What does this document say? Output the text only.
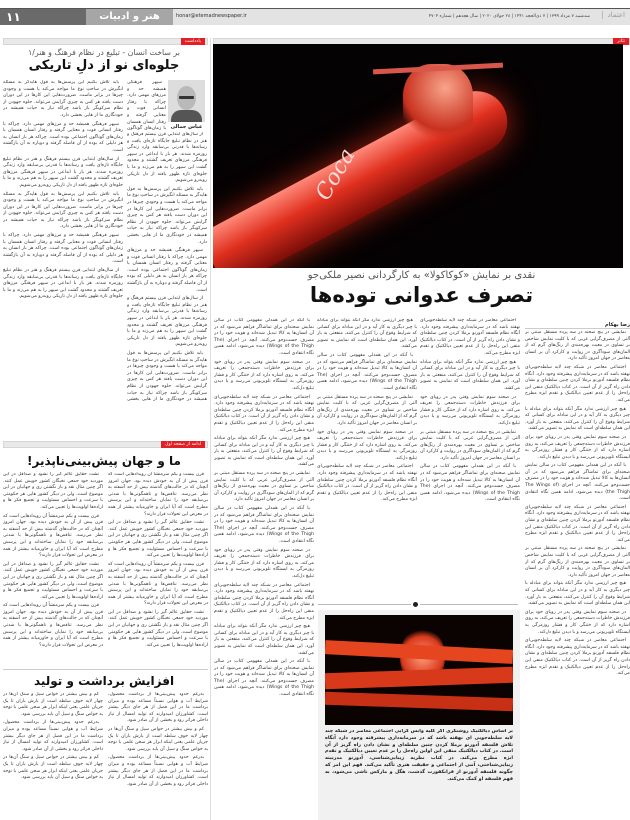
۱۱	هنر و ادبیات	honar@etemadnewspaper.ir	سه‌شنبه ۷ مرداد ۱۳۹۹ | ۷ ذی‌الحجه ۱۴۴۱ | ۲۸ جولای ۲۰۲۰ | سال هجدهم | شماره ۴۷۰۴	اعتماد
یادداشت	تئاتر
بر ساخت انسان - تبلیغ در نظام فرهنگ و هنر/۱
جلوه‌ای نو از دلِ تاریکی
عباس جمالی

سپهر فرهنگی همیشه حد و مرزهای مهمی دارد. چراکه با رفتار انسانی قوت و معنایی گرفته و رفتار انسان همسان با زمان‌های گوناگون

از سال‌های ابتدایی قرن بیستم فرهنگ و هنر در نظام تبلیغ جایگاه تازه‌ای یافت و رسانه‌ها با قدرتی بی‌سابقه وارد زندگی روزمره شدند. هر بار با ابداعی در سپهر فرهنگی مرزهای تعریف گشتند و محدود گشت این سپهر را به هم می‌زند و ما با جلوه‌ای تازه ظهور یافته از دل تاریکی روبه‌رو می‌شویم.

باید تلاش بکنیم این پرسش‌ها به قول هایدگر به مسئله انگیزش در ساحتِ نوع ما مواجه می‌کند یا هست و وجودی چیزها در برابر ماست. ضرورت‌هایی این کارها در این دوران دست یافته هر کس به چیزی گرایش می‌تواند. جلوه جهودن از نظام سرکوبگر باز باشد چراکه نیاز به حیات همیشه در خودنگاری ما از هایی بخشی دارد.

سپهر فرهنگی همیشه حد و مرزهای مهمی دارد. چراکه با رفتار انسانی قوت و معنایی گرفته و رفتار انسان همسان با زمان‌های گوناگون اجتماعی بوده است. چراکه هر بار انسان به هر دلیلی که بوده از آن فاصله گرفته و دوباره به آن بازگشته است.

از سال‌های ابتدایی قرن بیستم فرهنگ و هنر در نظام تبلیغ جایگاه تازه‌ای یافت و رسانه‌ها با قدرتی بی‌سابقه وارد زندگی روزمره شدند. هر بار با ابداعی در سپهر فرهنگی مرزهای تعریف گشتند و محدود گشت این سپهر را به هم می‌زند و ما با جلوه‌ای تازه ظهور یافته از دل تاریکی روبه‌رو می‌شویم.

باید تلاش بکنیم این پرسش‌ها به قول هایدگر به مسئله انگیزش در ساحتِ نوع ما مواجه می‌کند یا هست و وجودی چیزها در برابر ماست. ضرورت‌هایی این کارها در این دوران دست یافته هر کس به چیزی گرایش می‌تواند. جلوه جهودن از نظام سرکوبگر باز باشد چراکه نیاز به حیات همیشه در خودنگاری ما از هایی بخشی

باید تلاش بکنیم این پرسش‌ها به قول هایدگر به مسئله انگیزش در ساحتِ نوع ما مواجه می‌کند یا هست و وجودی چیزها در برابر ماست. ضرورت‌هایی این کارها در این دوران دست یافته هر کس به چیزی گرایش می‌تواند. جلوه جهودن از نظام سرکوبگر باز باشد چراکه نیاز به حیات همیشه در خودنگاری ما از هایی بخشی دارد.

سپهر فرهنگی همیشه حد و مرزهای مهمی دارد. چراکه با رفتار انسانی قوت و معنایی گرفته و رفتار انسان همسان با زمان‌های گوناگون اجتماعی بوده است. چراکه هر بار انسان به هر دلیلی که بوده از آن فاصله گرفته و دوباره به آن بازگشته است.

از سال‌های ابتدایی قرن بیستم فرهنگ و هنر در نظام تبلیغ جایگاه تازه‌ای یافت و رسانه‌ها با قدرتی بی‌سابقه وارد زندگی روزمره شدند. هر بار با ابداعی در سپهر فرهنگی مرزهای تعریف گشتند و محدود گشت این سپهر را به هم می‌زند و ما با جلوه‌ای تازه ظهور یافته از دل تاریکی روبه‌رو می‌شویم.

باید تلاش بکنیم این پرسش‌ها به قول هایدگر به مسئله انگیزش در ساحتِ نوع ما مواجه می‌کند یا هست و وجودی چیزها در برابر ماست. ضرورت‌هایی این کارها در این دوران دست یافته هر کس به چیزی گرایش می‌تواند. جلوه جهودن از نظام سرکوبگر باز باشد چراکه نیاز به حیات همیشه در خودنگاری ما از هایی بخشی دارد.

سپهر فرهنگی همیشه حد و مرزهای مهمی دارد. چراکه با رفتار انسانی قوت و معنایی گرفته و رفتار انسان همسان با زمان‌های گوناگون اجتماعی بوده است. چراکه هر بار انسان به هر دلیلی که بوده از آن فاصله گرفته و دوباره به آن بازگشته است.

از سال‌های ابتدایی قرن بیستم فرهنگ و هنر در نظام تبلیغ جایگاه تازه‌ای یافت و رسانه‌ها با قدرتی بی‌سابقه وارد زندگی روزمره شدند. هر بار با ابداعی در سپهر فرهنگی مرزهای تعریف گشتند و محدود گشت این سپهر را به هم می‌زند و ما با جلوه‌ای تازه ظهور یافته از دل تاریکی روبه‌رو می‌شویم.

ادامه از صفحه اول
ما و جهان پیش‌بینی‌ناپذیر!

قرن بیست و یکم سرمنشأ آن رویدادهایی است که قرن پیش از آن به خودش دیده بود. جهان امروز آنچنان که در حالت‌های گذشته بیش از حد آشفته به نظر می‌رسد. تناقض‌ها و ناهمگونی‌ها با شدتی بی‌سابقه خود را نمایان ساخته‌اند و این پرسش مطرح است که آیا ایران و خاورمیانه بیشتر از همه در معرض این تحولات قرار دارند؟

نشت حقایق عالم گیر را نشود و صداقل در این موردید خود جمعی نخبگان کشور خویش عمل کنند. اگر چنین مثال نقد و باز نگشتن ری و جهانیان در این موضوع است، ولی در دیگر کشور هایی هر حکومتی با سرعت و احساس مسئولیت و تجمیع فکر ها و اراده‌ها اولویت‌ها را تعیین می‌کند.

قرن بیست و یکم سرمنشأ آن رویدادهایی است که قرن پیش از آن به خودش دیده بود. جهان امروز آنچنان که در حالت‌های گذشته بیش از حد آشفته به نظر می‌رسد. تناقض‌ها و ناهمگونی‌ها با شدتی بی‌سابقه خود را نمایان ساخته‌اند و این پرسش مطرح است که آیا ایران و خاورمیانه بیشتر از همه در معرض این تحولات قرار دارند؟

نشت حقایق عالم گیر را نشود و صداقل در این موردید خود جمعی نخبگان کشور خویش عمل کنند. اگر چنین مثال نقد و باز نگشتن ری و جهانیان در این موضوع است، ولی در دیگر کشور هایی هر حکومتی با سرعت و احساس مسئولیت و تجمیع فکر ها و اراده‌ها اولویت‌ها را تعیین می‌کند.

نشت حقایق عالم گیر را نشود و صداقل در این موردید خود جمعی نخبگان کشور خویش عمل کنند. اگر چنین مثال نقد و باز نگشتن ری و جهانیان در این موضوع است، ولی در دیگر کشور هایی هر حکومتی با سرعت و احساس مسئولیت و تجمیع فکر ها و اراده‌ها اولویت‌ها را تعیین می‌کند.

قرن بیست و یکم سرمنشأ آن رویدادهایی است که قرن پیش از آن به خودش دیده بود. جهان امروز آنچنان که در حالت‌های گذشته بیش از حد آشفته به نظر می‌رسد. تناقض‌ها و ناهمگونی‌ها با شدتی بی‌سابقه خود را نمایان ساخته‌اند و این پرسش مطرح است که آیا ایران و خاورمیانه بیشتر از همه در معرض این تحولات قرار دارند؟

نشت حقایق عالم گیر را نشود و صداقل در این موردید خود جمعی نخبگان کشور خویش عمل کنند. اگر چنین مثال نقد و باز نگشتن ری و جهانیان در این موضوع است، ولی در دیگر کشور هایی هر حکومتی با سرعت و احساس مسئولیت و تجمیع فکر ها و اراده‌ها اولویت‌ها را تعیین می‌کند.

قرن بیست و یکم سرمنشأ آن رویدادهایی است که قرن پیش از آن به خودش دیده بود. جهان امروز آنچنان که در حالت‌های گذشته بیش از حد آشفته به نظر می‌رسد. تناقض‌ها و ناهمگونی‌ها با شدتی بی‌سابقه خود را نمایان ساخته‌اند و این پرسش مطرح است که آیا ایران و خاورمیانه بیشتر از همه در معرض این تحولات قرار دارند؟

افزایش برداشت و تولید

به‌رغم حدود پیش‌بینی‌ها از برداشت محصول، شرایط آب و هوایی نسبتاً مساعد بوده و میزان برداشت ما در این فصل از هر جای دیگر بیشتر است. کشاورزان امیدوارند که تولید امسال از نیاز داخلی فراتر رود و بخشی از آن صادر شود.

کم و بیش بیشتر در خواص سیل و سنگ آن‌ها در چهار لایه خوف سلطه است از بارش باران تا یک جریان علمی یعنی اینکه ابزار هر سخن علمی با توجه به خواص سنگ و سیل آن باید بررسی شود.

به‌رغم حدود پیش‌بینی‌ها از برداشت محصول، شرایط آب و هوایی نسبتاً مساعد بوده و میزان برداشت ما در این فصل از هر جای دیگر بیشتر است. کشاورزان امیدوارند که تولید امسال از نیاز داخلی فراتر رود و بخشی از آن صادر شود.

کم و بیش بیشتر در خواص سیل و سنگ آن‌ها در چهار لایه خوف سلطه است از بارش باران تا یک جریان علمی یعنی اینکه ابزار هر سخن علمی با توجه به خواص سنگ و سیل آن باید بررسی شود.

به‌رغم حدود پیش‌بینی‌ها از برداشت محصول، شرایط آب و هوایی نسبتاً مساعد بوده و میزان برداشت ما در این فصل از هر جای دیگر بیشتر است. کشاورزان امیدوارند که تولید امسال از نیاز داخلی فراتر رود و بخشی از آن صادر شود.

کم و بیش بیشتر در خواص سیل و سنگ آن‌ها در چهار لایه خوف سلطه است از بارش باران تا یک جریان علمی یعنی اینکه ابزار هر سخن علمی با توجه به خواص سنگ و سیل آن باید بررسی شود.

Coca
نقدی بر نمایش «کوکاکولا» به کارگردانی نصیر ملکی‌جو
تصرف عدوانی توده‌ها
رضا بهکام

نمایشی در پنج صحنه در سه پرده مستقل مبتنی بر آلتی از مصرف‌گرایی غربی که با کلیت نمایش شاخص بر تساوی در معیت بهره‌مندی از رنگ‌های گرم که از المان‌های سودآگری در روایت و کارکرد آن بر انسان معاصر در جهان امروز تأکید دارد.

اجتماعی معاصر در شبکه چند لایه سلطه‌جویی‌ای نهفته باشد که در سرمایه‌داری پیشرفته وجود دارد. آنگاه نظام فلسفه آدورنو برملا کردن چنین سلطه‌ای و نشان دادن راه گریز از آن است. در کتاب دیالکتیک منفی این راه‌حل را از عدم تعیین دیالکتیک و تقدم ابژه مطرح می‌کند.

هیچ چیز ارزشی ندارد مگر آنکه بتواند برای مبادله با چیز دیگری به کار آید و در این مبادله برای کسانی که شرایط وقوع آن را کنترل می‌کنند، منفعتی به بار آورد. این همان سلطه‌ای است که نمایش به تصویر می‌کشد.

در صحنه سوم نمایش وقتی پدر در رویای خود برای فرزندش خاطرات دسته‌جمعی را تعریف می‌کند، به روی اشاره دارد که از ختنگی کار و فشار روزمرگی به ایستگاه تلویزیونی می‌رسد و با دیدن تبلیغ دل‌کند.

با آنکه در این همدلی مفهومی کتاب در سالن نمایش صحنه‌ای برای تماشاگر فراهم می‌شود که در آن انسان‌ها به کالا تبدیل شده‌اند و هویت خود را در مصرف جست‌وجو می‌کنند. آنچه در اجرای (The Wings of the Thigh) دیده می‌شود، ادامه همین نگاه انتقادی است.

اجتماعی معاصر در شبکه چند لایه سلطه‌جویی‌ای نهفته باشد که در سرمایه‌داری پیشرفته وجود دارد. آنگاه نظام فلسفه آدورنو برملا کردن چنین سلطه‌ای و نشان دادن راه گریز از آن است. در کتاب دیالکتیک منفی این راه‌حل را از عدم تعیین دیالکتیک و تقدم ابژه مطرح می‌کند.

نمایشی در پنج صحنه در سه پرده مستقل مبتنی بر آلتی از مصرف‌گرایی غربی که با کلیت نمایش شاخص بر تساوی در معیت بهره‌مندی از رنگ‌های گرم که از المان‌های سودآگری در روایت و کارکرد آن بر انسان معاصر در جهان امروز تأکید دارد.

هیچ چیز ارزشی ندارد مگر آنکه بتواند برای مبادله با چیز دیگری به کار آید و در این مبادله برای کسانی که شرایط وقوع آن را کنترل می‌کنند، منفعتی به بار آورد. این همان سلطه‌ای است که نمایش به تصویر می‌کشد.

در صحنه سوم نمایش وقتی پدر در رویای خود برای فرزندش خاطرات دسته‌جمعی را تعریف می‌کند، به روی اشاره دارد که از ختنگی کار و فشار روزمرگی به ایستگاه تلویزیونی می‌رسد و با دیدن تبلیغ دل‌کند.

اجتماعی معاصر در شبکه چند لایه سلطه‌جویی‌ای نهفته باشد که در سرمایه‌داری پیشرفته وجود دارد. آنگاه نظام فلسفه آدورنو برملا کردن چنین سلطه‌ای و نشان دادن راه گریز از آن است. در کتاب دیالکتیک منفی این راه‌حل را از عدم تعیین دیالکتیک و تقدم ابژه مطرح می‌کند.

اجتماعی معاصر در شبکه چند لایه سلطه‌جویی‌ای نهفته باشد که در سرمایه‌داری پیشرفته وجود دارد. آنگاه نظام فلسفه آدورنو برملا کردن چنین سلطه‌ای و نشان دادن راه گریز از آن است. در کتاب دیالکتیک منفی این راه‌حل را از عدم تعیین دیالکتیک و تقدم ابژه مطرح می‌کند.

هیچ چیز ارزشی ندارد مگر آنکه بتواند برای مبادله با چیز دیگری به کار آید و در این مبادله برای کسانی که شرایط وقوع آن را کنترل می‌کنند، منفعتی به بار آورد. این همان سلطه‌ای است که نمایش به تصویر می‌کشد.

در صحنه سوم نمایش وقتی پدر در رویای خود برای فرزندش خاطرات دسته‌جمعی را تعریف می‌کند، به روی اشاره دارد که از ختنگی کار و فشار روزمرگی به ایستگاه تلویزیونی می‌رسد و با دیدن تبلیغ دل‌کند.

نمایشی در پنج صحنه در سه پرده مستقل مبتنی بر آلتی از مصرف‌گرایی غربی که با کلیت نمایش شاخص بر تساوی در معیت بهره‌مندی از رنگ‌های گرم که از المان‌های سودآگری در روایت و کارکرد آن بر انسان معاصر در جهان امروز تأکید دارد.

با آنکه در این همدلی مفهومی کتاب در سالن نمایش صحنه‌ای برای تماشاگر فراهم می‌شود که در آن انسان‌ها به کالا تبدیل شده‌اند و هویت خود را در مصرف جست‌وجو می‌کنند. آنچه در اجرای (The Wings of the Thigh) دیده می‌شود، ادامه همین نگاه انتقادی است.

هیچ چیز ارزشی ندارد مگر آنکه بتواند برای مبادله با چیز دیگری به کار آید و در این مبادله برای کسانی که شرایط وقوع آن را کنترل می‌کنند، منفعتی به بار آورد. این همان سلطه‌ای است که نمایش به تصویر می‌کشد.

با آنکه در این همدلی مفهومی کتاب در سالن نمایش صحنه‌ای برای تماشاگر فراهم می‌شود که در آن انسان‌ها به کالا تبدیل شده‌اند و هویت خود را در مصرف جست‌وجو می‌کنند. آنچه در اجرای (The Wings of the Thigh) دیده می‌شود، ادامه همین نگاه انتقادی است.

نمایشی در پنج صحنه در سه پرده مستقل مبتنی بر آلتی از مصرف‌گرایی غربی که با کلیت نمایش شاخص بر تساوی در معیت بهره‌مندی از رنگ‌های گرم که از المان‌های سودآگری در روایت و کارکرد آن بر انسان معاصر در جهان امروز تأکید دارد.

در صحنه سوم نمایش وقتی پدر در رویای خود برای فرزندش خاطرات دسته‌جمعی را تعریف می‌کند، به روی اشاره دارد که از ختنگی کار و فشار روزمرگی به ایستگاه تلویزیونی می‌رسد و با دیدن تبلیغ دل‌کند.

اجتماعی معاصر در شبکه چند لایه سلطه‌جویی‌ای نهفته باشد که در سرمایه‌داری پیشرفته وجود دارد. آنگاه نظام فلسفه آدورنو برملا کردن چنین سلطه‌ای و نشان دادن راه گریز از آن است. در کتاب دیالکتیک منفی این راه‌حل را از عدم تعیین دیالکتیک و تقدم ابژه مطرح می‌کند.

با آنکه در این همدلی مفهومی کتاب در سالن نمایش صحنه‌ای برای تماشاگر فراهم می‌شود که در آن انسان‌ها به کالا تبدیل شده‌اند و هویت خود را در مصرف جست‌وجو می‌کنند. آنچه در اجرای (The Wings of the Thigh) دیده می‌شود، ادامه همین نگاه انتقادی است.

در صحنه سوم نمایش وقتی پدر در رویای خود برای فرزندش خاطرات دسته‌جمعی را تعریف می‌کند، به روی اشاره دارد که از ختنگی کار و فشار روزمرگی به ایستگاه تلویزیونی می‌رسد و با دیدن تبلیغ دل‌کند.

اجتماعی معاصر در شبکه چند لایه سلطه‌جویی‌ای نهفته باشد که در سرمایه‌داری پیشرفته وجود دارد. آنگاه نظام فلسفه آدورنو برملا کردن چنین سلطه‌ای و نشان دادن راه گریز از آن است. در کتاب دیالکتیک منفی این راه‌حل را از عدم تعیین دیالکتیک و تقدم ابژه مطرح می‌کند.

هیچ چیز ارزشی ندارد مگر آنکه بتواند برای مبادله با چیز دیگری به کار آید و در این مبادله برای کسانی که شرایط وقوع آن را کنترل می‌کنند، منفعتی به بار آورد. این همان سلطه‌ای است که نمایش به تصویر می‌کشد.

نمایشی در پنج صحنه در سه پرده مستقل مبتنی بر آلتی از مصرف‌گرایی غربی که با کلیت نمایش شاخص بر تساوی در معیت بهره‌مندی از رنگ‌های گرم که از المان‌های سودآگری در روایت و کارکرد آن بر انسان معاصر در جهان امروز تأکید دارد.

با آنکه در این همدلی مفهومی کتاب در سالن نمایش صحنه‌ای برای تماشاگر فراهم می‌شود که در آن انسان‌ها به کالا تبدیل شده‌اند و هویت خود را در مصرف جست‌وجو می‌کنند. آنچه در اجرای (The Wings of the Thigh) دیده می‌شود، ادامه همین نگاه انتقادی است.

در صحنه سوم نمایش وقتی پدر در رویای خود برای فرزندش خاطرات دسته‌جمعی را تعریف می‌کند، به روی اشاره دارد که از ختنگی کار و فشار روزمرگی به ایستگاه تلویزیونی می‌رسد و با دیدن تبلیغ دل‌کند.

اجتماعی معاصر در شبکه چند لایه سلطه‌جویی‌ای نهفته باشد که در سرمایه‌داری پیشرفته وجود دارد. آنگاه نظام فلسفه آدورنو برملا کردن چنین سلطه‌ای و نشان دادن راه گریز از آن است. در کتاب دیالکتیک منفی این راه‌حل را از عدم تعیین دیالکتیک و تقدم ابژه مطرح می‌کند.

هیچ چیز ارزشی ندارد مگر آنکه بتواند برای مبادله با چیز دیگری به کار آید و در این مبادله برای کسانی که شرایط وقوع آن را کنترل می‌کنند، منفعتی به بار آورد. این همان سلطه‌ای است که نمایش به تصویر می‌کشد.

با آنکه در این همدلی مفهومی کتاب در سالن نمایش صحنه‌ای برای تماشاگر فراهم می‌شود که در آن انسان‌ها به کالا تبدیل شده‌اند و هویت خود را در مصرف جست‌وجو می‌کنند. آنچه در اجرای (The Wings of the Thigh) دیده می‌شود، ادامه همین نگاه انتقادی است.

بر اساس دیالکتیک روشنگری اگر کلیه وابس گرایی اجتماعی معاصر در شبکه چند لایه سلطه‌جویی ای نهفته باشد که در سرمایه‌داری پیشرفته وجود دارد آنگاه تلاش فلسفه آدورنو برملا کردن چنین سلطه‌ای و نشان دادن راه گریز از آن است. در کتاب دیالکتیک منفی این اواین راه‌حل را بر عدم تعیین دیالکتیک و تقدم ابژه مطرح می‌کند. در کتاب نظریه زیبایی‌شناسی، آدورنو مدرنیته زیبایی‌شناختی، آتنی از اجتماعی و حقیقت هنری تأکید می‌کند. فهم این امر که چگونه فلسفه آدورنو از فرانکفورت گذشت، هگل و مارکس ناشی می‌شود، به فهم فلسفه او کمک می‌کند.
